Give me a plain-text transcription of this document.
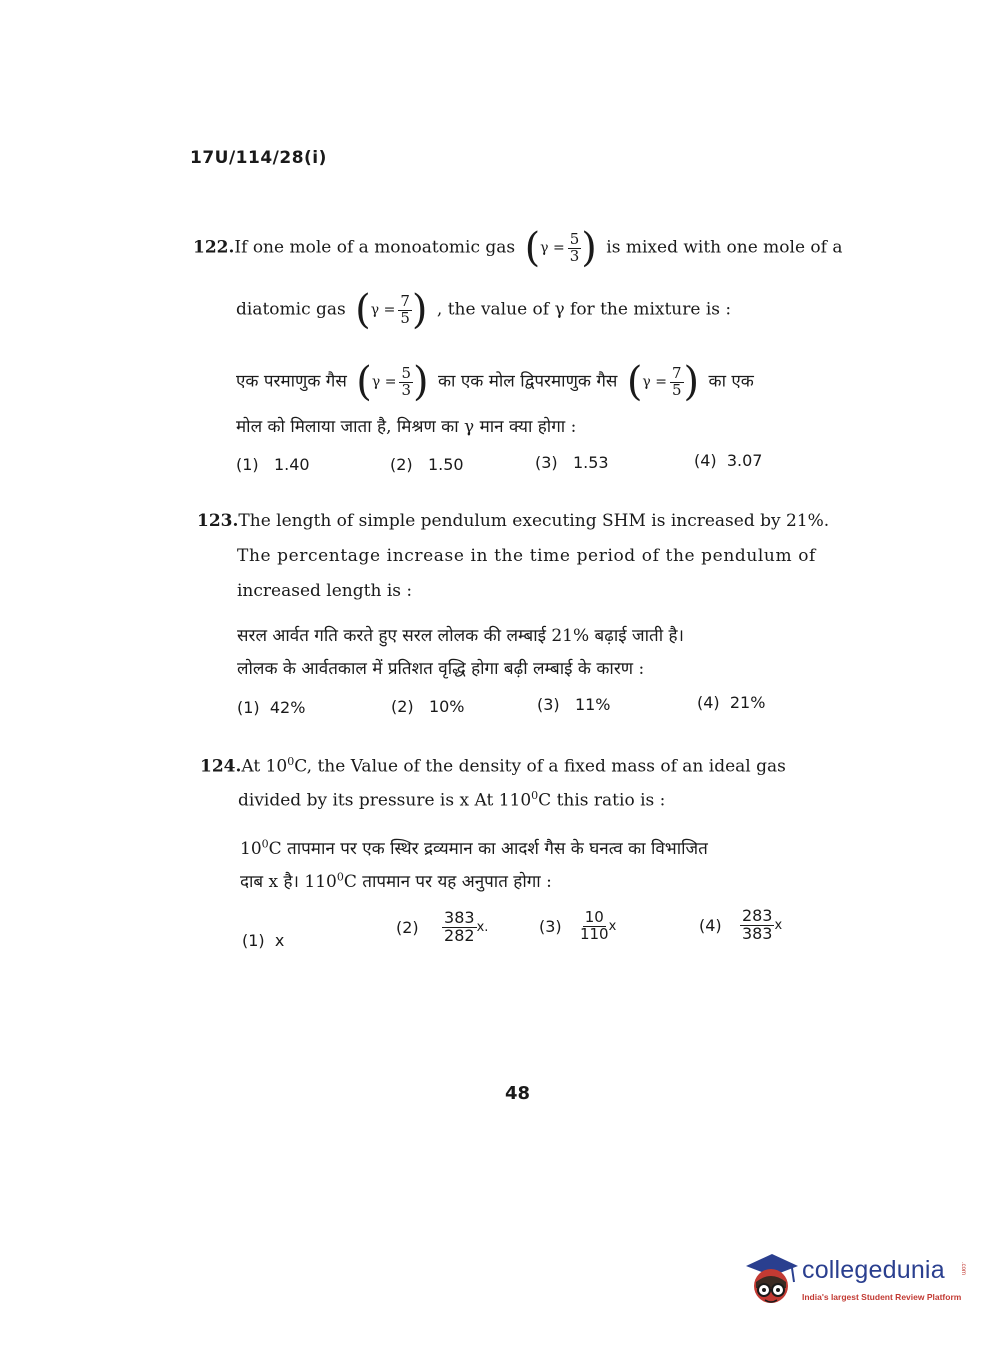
17U/114/28(i)
122.If one mole of a monoatomic gas ( $\gamma = \frac{5}{3}$ ) is mixed with one mole of a
diatomic gas ( $\gamma = \frac{7}{5}$ ) , the value of γ for the mixture is :
एक परमाणुक गैस ( $\gamma = \frac{5}{3}$ ) का एक मोल द्विपरमाणुक गैस ( $\gamma = \frac{7}{5}$ ) का एक
मोल को मिलाया जाता है, मिश्रण का γ मान क्या होगा :
(1) 1.40	(2) 1.50	(3) 1.53	(4) 3.07
123.The length of simple pendulum executing SHM is increased by 21%.
The percentage increase in the time period of the pendulum of
increased length is :
सरल आर्वत गति करते हुए सरल लोलक की लम्बाई 21% बढ़ाई जाती है।
लोलक के आर्वतकाल में प्रतिशत वृद्धि होगा बढ़ी लम्बाई के कारण :
(1) 42%	(2) 10%	(3) 11%	(4) 21%
124.At $10^0C$, the Value of the density of a fixed mass of an ideal gas
divided by its pressure is x At $110^0C$ this ratio is :
$10^0C$ तापमान पर एक स्थिर द्रव्यमान का आदर्श गैस के घनत्व का विभाजित
दाब x है। $110^0C$ तापमान पर यह अनुपात होगा :
(1) x
(2)
$\frac{383}{282} x$.	(3)
$\frac{10}{110}$ x	(4)
$\frac{283}{383}$ x
48
collegedunia	.com
India's largest Student Review Platform
